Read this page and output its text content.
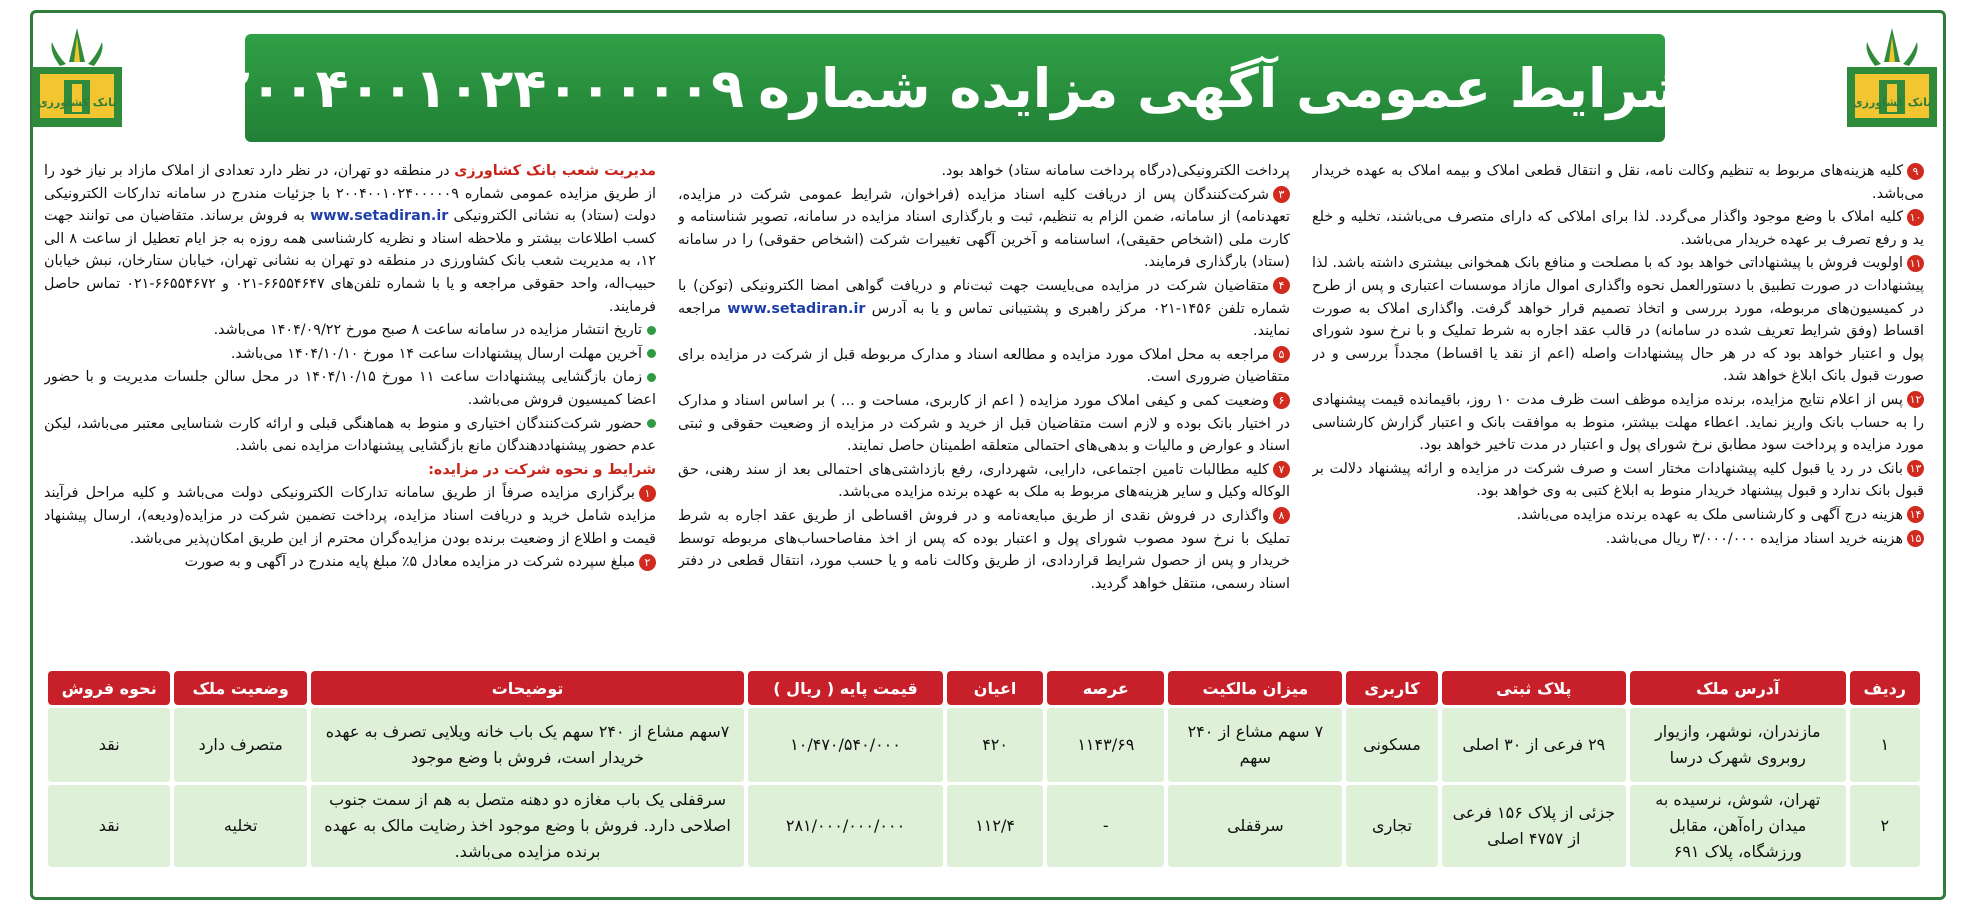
بانک کشاورزی
بانک کشاورزی	شرایط عمومی آگهی مزایده شماره
۲۰۰۴۰۰۱۰۲۴۰۰۰۰۰۹

مدیریت شعب بانک کشاورزی در منطقه دو تهران، در نظر دارد تعدادی از املاک مازاد بر نیاز خود را از طریق مزایده عمومی شماره ۲۰۰۴۰۰۱۰۲۴۰۰۰۰۰۹ با جزئیات مندرج در سامانه تدارکات الکترونیکی دولت (ستاد) به نشانی الکترونیکی www.setadiran.ir به فروش برساند. متقاضیان می توانند جهت کسب اطلاعات بیشتر و ملاحظه اسناد و نظریه کارشناسی همه روزه به جز ایام تعطیل از ساعت ۸ الی ۱۲، به مدیریت شعب بانک کشاورزی در منطقه دو تهران به نشانی تهران، خیابان ستارخان، نبش خیابان حبیب‌اله، واحد حقوقی مراجعه و یا با شماره تلفن‌های ۶۶۵۵۴۶۴۷-۰۲۱ و ۶۶۵۵۴۶۷۲-۰۲۱ تماس حاصل فرمایند.

تاریخ انتشار مزایده در سامانه ساعت ۸ صبح مورخ ۱۴۰۴/۰۹/۲۲ می‌باشد.

آخرین مهلت ارسال پیشنهادات ساعت ۱۴ مورخ ۱۴۰۴/۱۰/۱۰ می‌باشد.

زمان بازگشایی پیشنهادات ساعت ۱۱ مورخ ۱۴۰۴/۱۰/۱۵ در محل سالن جلسات مدیریت و با حضور اعضا کمیسیون فروش می‌باشد.

حضور شرکت‌کنندگان اختیاری و منوط به هماهنگی قبلی و ارائه کارت شناسایی معتبر می‌باشد، لیکن عدم حضور پیشنهاددهندگان مانع بازگشایی پیشنهادات مزایده نمی باشد.

شرایط و نحوه شرکت در مزایده:

۱برگزاری مزایده صرفاً از طریق سامانه تدارکات الکترونیکی دولت می‌باشد و کلیه مراحل فرآیند مزایده شامل خرید و دریافت اسناد مزایده، پرداخت تضمین شرکت در مزایده(ودیعه)، ارسال پیشنهاد قیمت و اطلاع از وضعیت برنده بودن مزایده‌گران محترم از این طریق امکان‌پذیر می‌باشد.

۲مبلغ سپرده شرکت در مزایده معادل ۵٪ مبلغ پایه مندرج در آگهی و به صورت

پرداخت الکترونیکی(درگاه پرداخت سامانه ستاد) خواهد بود.

۳شرکت‌کنندگان پس از دریافت کلیه اسناد مزایده (فراخوان، شرایط عمومی شرکت در مزایده، تعهدنامه) از سامانه، ضمن الزام به تنظیم، ثبت و بارگذاری اسناد مزایده در سامانه، تصویر شناسنامه و کارت ملی (اشخاص حقیقی)، اساسنامه و آخرین آگهی تغییرات شرکت (اشخاص حقوقی) را در سامانه (ستاد) بارگذاری فرمایند.

۴متقاضیان شرکت در مزایده می‌بایست جهت ثبت‌نام و دریافت گواهی امضا الکترونیکی (توکن) با شماره تلفن ۱۴۵۶-۰۲۱ مرکز راهبری و پشتیبانی تماس و یا به آدرس www.setadiran.ir مراجعه نمایند.

۵مراجعه به محل املاک مورد مزایده و مطالعه اسناد و مدارک مربوطه قبل از شرکت در مزایده برای متقاضیان ضروری است.

۶وضعیت کمی و کیفی املاک مورد مزایده ( اعم از کاربری، مساحت و ... ) بر اساس اسناد و مدارک در اختیار بانک بوده و لازم است متقاضیان قبل از خرید و شرکت در مزایده از وضعیت حقوقی و ثبتی اسناد و عوارض و مالیات و بدهی‌های احتمالی متعلقه اطمینان حاصل نمایند.

۷کلیه مطالبات تامین اجتماعی، دارایی، شهرداری، رفع بازداشتی‌های احتمالی بعد از سند رهنی، حق الوکاله وکیل و سایر هزینه‌های مربوط به ملک به عهده برنده مزایده می‌باشد.

۸واگذاری در فروش نقدی از طریق مبایعه‌نامه و در فروش اقساطی از طریق عقد اجاره به شرط تملیک با نرخ سود مصوب شورای پول و اعتبار بوده که پس از اخذ مفاصاحساب‌های مربوطه توسط خریدار و پس از حصول شرایط قراردادی، از طریق وکالت نامه و یا حسب مورد، انتقال قطعی در دفتر اسناد رسمی، منتقل خواهد گردید.

۹کلیه هزینه‌های مربوط به تنظیم وکالت نامه، نقل و انتقال قطعی املاک و بیمه املاک به عهده خریدار می‌باشد.

۱۰کلیه املاک با وضع موجود واگذار می‌گردد. لذا برای املاکی که دارای متصرف می‌باشند، تخلیه و خلع ید و رفع تصرف بر عهده خریدار می‌باشد.

۱۱اولویت فروش با پیشنهاداتی خواهد بود که با مصلحت و منافع بانک همخوانی بیشتری داشته باشد. لذا پیشنهادات در صورت تطبیق با دستورالعمل نحوه واگذاری اموال مازاد موسسات اعتباری و پس از طرح در کمیسیون‌های مربوطه، مورد بررسی و اتخاذ تصمیم قرار خواهد گرفت. واگذاری املاک به صورت اقساط (وفق شرایط تعریف شده در سامانه) در قالب عقد اجاره به شرط تملیک و با نرخ سود شورای پول و اعتبار خواهد بود که در هر حال پیشنهادات واصله (اعم از نقد یا اقساط) مجدداً بررسی و در صورت قبول بانک ابلاغ خواهد شد.

۱۲پس از اعلام نتایج مزایده، برنده مزایده موظف است ظرف مدت ۱۰ روز، باقیمانده قیمت پیشنهادی را به حساب بانک واریز نماید. اعطاء مهلت بیشتر، منوط به موافقت بانک و اعتبار گزارش کارشناسی مورد مزایده و پرداخت سود مطابق نرخ شورای پول و اعتبار در مدت تاخیر خواهد بود.

۱۳بانک در رد یا قبول کلیه پیشنهادات مختار است و صرف شرکت در مزایده و ارائه پیشنهاد دلالت بر قبول بانک ندارد و قبول پیشنهاد خریدار منوط به ابلاغ کتبی به وی خواهد بود.

۱۴هزینه درج آگهی و کارشناسی ملک به عهده برنده مزایده می‌باشد.

۱۵هزینه خرید اسناد مزایده ۳/۰۰۰/۰۰۰ ریال می‌باشد.

ردیف	آدرس ملک	پلاک ثبتی	کاربری	میزان مالکیت	عرصه	اعیان	قیمت پایه ( ریال )	توضیحات	وضعیت ملک	نحوه فروش
۱	مازندران، نوشهر، وازیوار روبروی شهرک درسا	۲۹ فرعی از ۳۰ اصلی	مسکونی	۷ سهم مشاع از ۲۴۰ سهم	۱۱۴۳/۶۹	۴۲۰	۱۰/۴۷۰/۵۴۰/۰۰۰	۷سهم مشاع از ۲۴۰ سهم یک باب خانه ویلایی تصرف به عهده خریدار است، فروش با وضع موجود	متصرف دارد	نقد
۲	تهران، شوش، نرسیده به میدان راه‌آهن، مقابل ورزشگاه، پلاک ۶۹۱	جزئی از پلاک ۱۵۶ فرعی از ۴۷۵۷ اصلی	تجاری	سرقفلی	-	۱۱۲/۴	۲۸۱/۰۰۰/۰۰۰/۰۰۰	سرقفلی یک باب مغازه دو دهنه متصل به هم از سمت جنوب اصلاحی دارد. فروش با وضع موجود اخذ رضایت مالک به عهده برنده مزایده می‌باشد.	تخلیه	نقد
